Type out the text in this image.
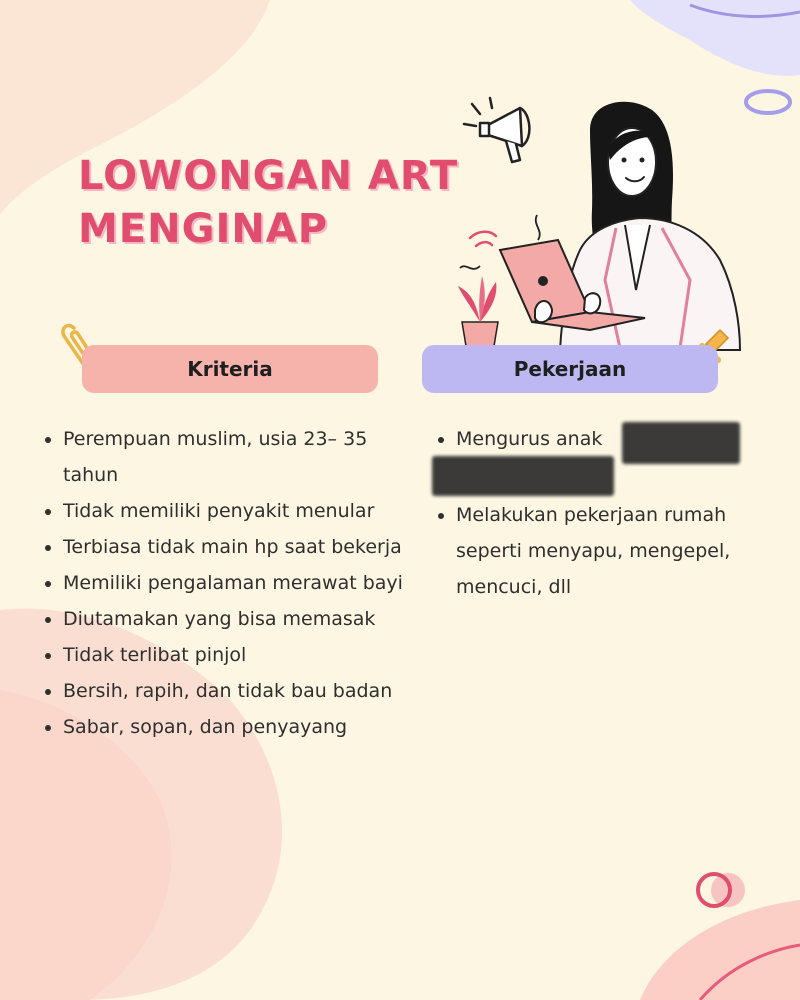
LOWONGAN ART
MENGINAP
Kriteria	Pekerjaan
Perempuan muslim, usia 23– 35 tahun
Tidak memiliki penyakit menular
Terbiasa tidak main hp saat bekerja
Memiliki pengalaman merawat bayi
Diutamakan yang bisa memasak
Tidak terlibat pinjol
Bersih, rapih, dan tidak bau badan
Sabar, sopan, dan penyayang
Mengurus anak
Melakukan pekerjaan rumah seperti menyapu, mengepel, mencuci, dll
